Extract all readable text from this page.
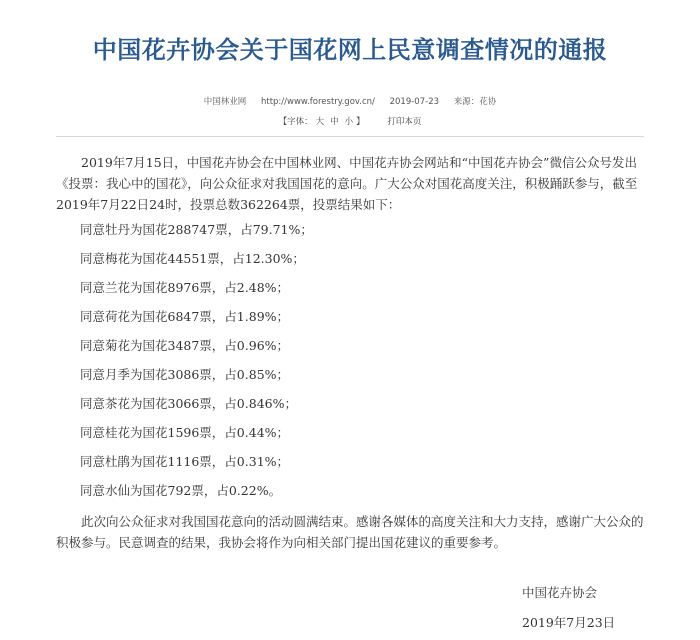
中国花卉协会关于国花网上民意调查情况的通报
中国林业网 http://www.forestry.gov.cn/ 2019-07-23 来源：花协
【字体： 大 中 小 】	打印本页

2019年7月15日，中国花卉协会在中国林业网、中国花卉协会网站和“中国花卉协会”微信公众号发出《投票：我心中的国花》，向公众征求对我国国花的意向。广大公众对国花高度关注，积极踊跃参与，截至2019年7月22日24时，投票总数362264票，投票结果如下：

同意牡丹为国花288747票，占79.71%；

同意梅花为国花44551票，占12.30%；

同意兰花为国花8976票，占2.48%；

同意荷花为国花6847票，占1.89%；

同意菊花为国花3487票，占0.96%；

同意月季为国花3086票，占0.85%；

同意茶花为国花3066票，占0.846%；

同意桂花为国花1596票，占0.44%；

同意杜鹃为国花1116票，占0.31%；

同意水仙为国花792票，占0.22%。

此次向公众征求对我国国花意向的活动圆满结束。感谢各媒体的高度关注和大力支持，感谢广大公众的积极参与。民意调查的结果，我协会将作为向相关部门提出国花建议的重要参考。

中国花卉协会
2019年7月23日
